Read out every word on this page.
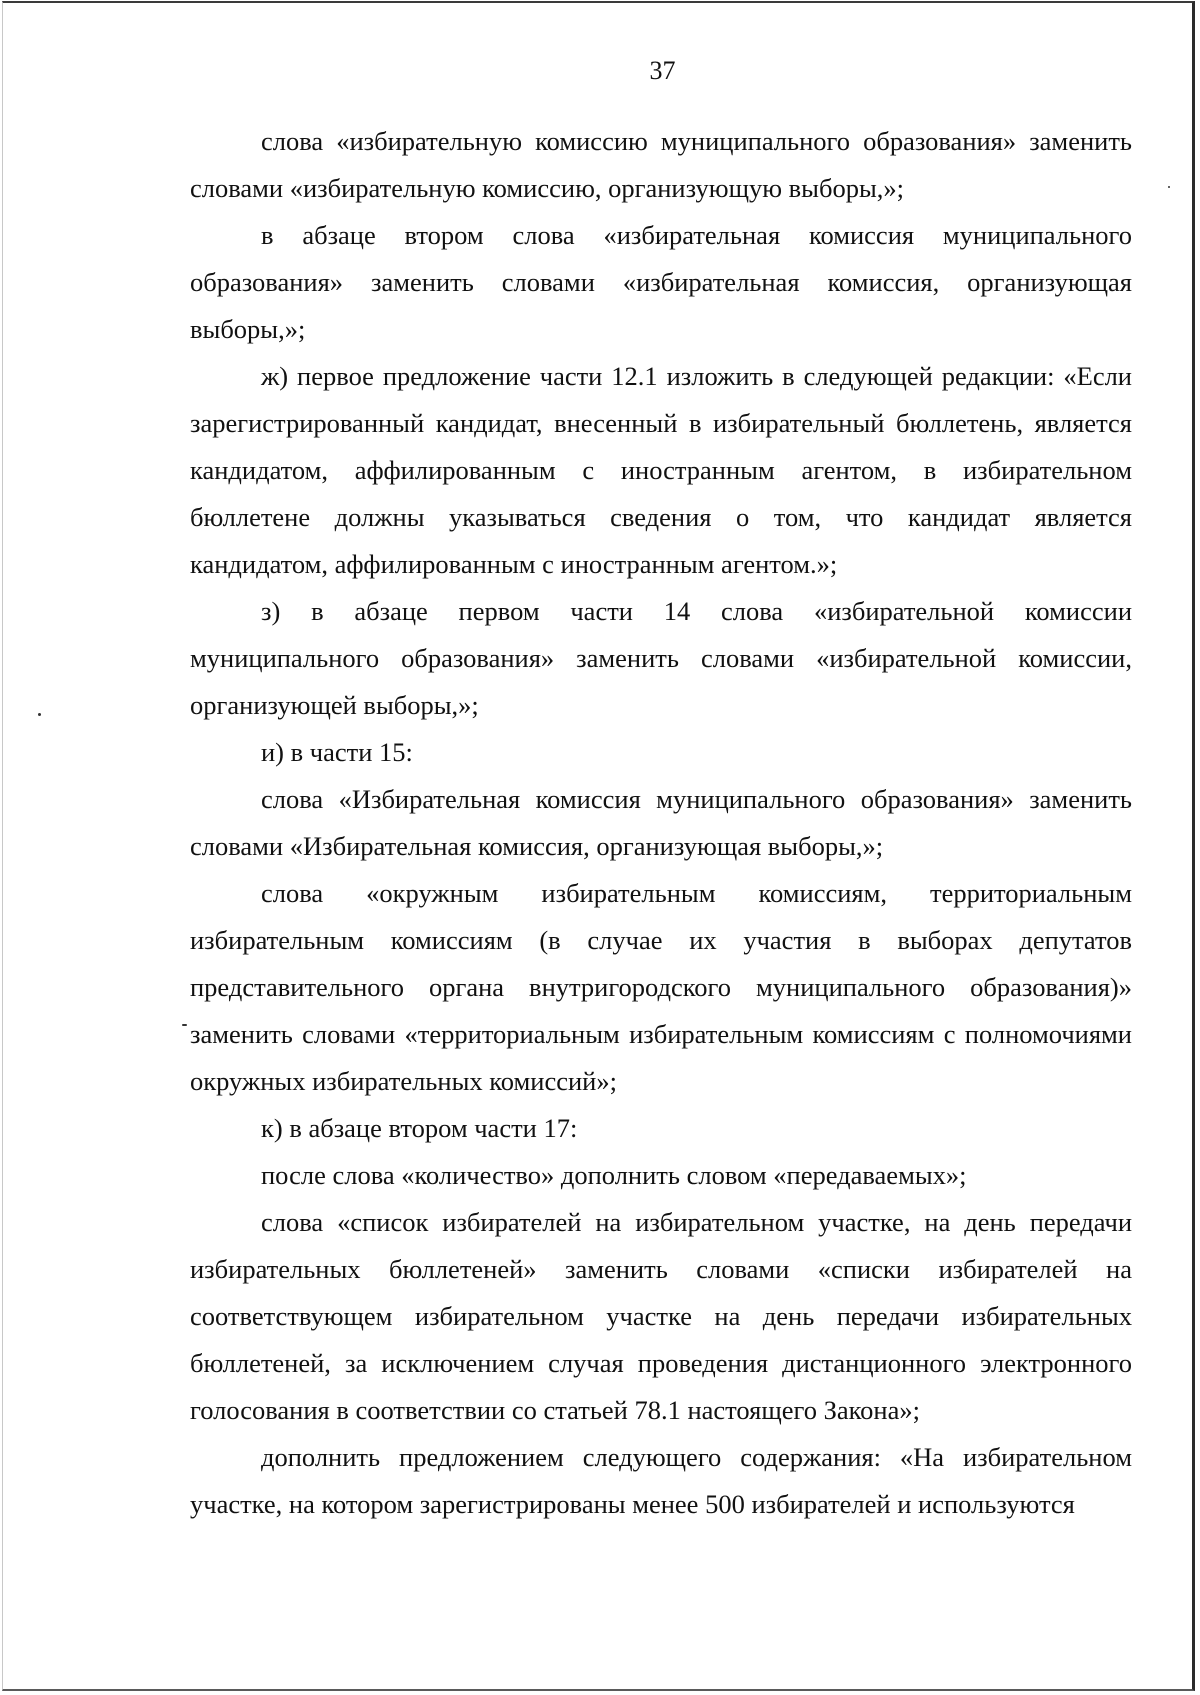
37

слова «избирательную комиссию муниципального образования» заменить словами «избирательную комиссию, организующую выборы,»;

в абзаце втором слова «избирательная комиссия муниципального образования» заменить словами «избирательная комиссия, организующая выборы,»;

ж) первое предложение части 12.1 изложить в следующей редакции: «Если зарегистрированный кандидат, внесенный в избирательный бюллетень, является кандидатом, аффилированным с иностранным агентом, в избирательном бюллетене должны указываться сведения о том, что кандидат является кандидатом, аффилированным с иностранным агентом.»;

з) в абзаце первом части 14 слова «избирательной комиссии муниципального образования» заменить словами «избирательной комиссии, организующей выборы,»;

и) в части 15:

слова «Избирательная комиссия муниципального образования» заменить словами «Избирательная комиссия, организующая выборы,»;

слова «окружным избирательным комиссиям, территориальным избирательным комиссиям (в случае их участия в выборах депутатов представительного органа внутригородского муниципального образования)» заменить словами «территориальным избирательным комиссиям с полномочиями окружных избирательных комиссий»;

к) в абзаце втором части 17:

после слова «количество» дополнить словом «передаваемых»;

слова «список избирателей на избирательном участке, на день передачи избирательных бюллетеней» заменить словами «списки избирателей на соответствующем избирательном участке на день передачи избирательных бюллетеней, за исключением случая проведения дистанционного электронного голосования в соответствии со статьей 78.1 настоящего Закона»;

дополнить предложением следующего содержания: «На избирательном участке, на котором зарегистрированы менее 500 избирателей и используются
